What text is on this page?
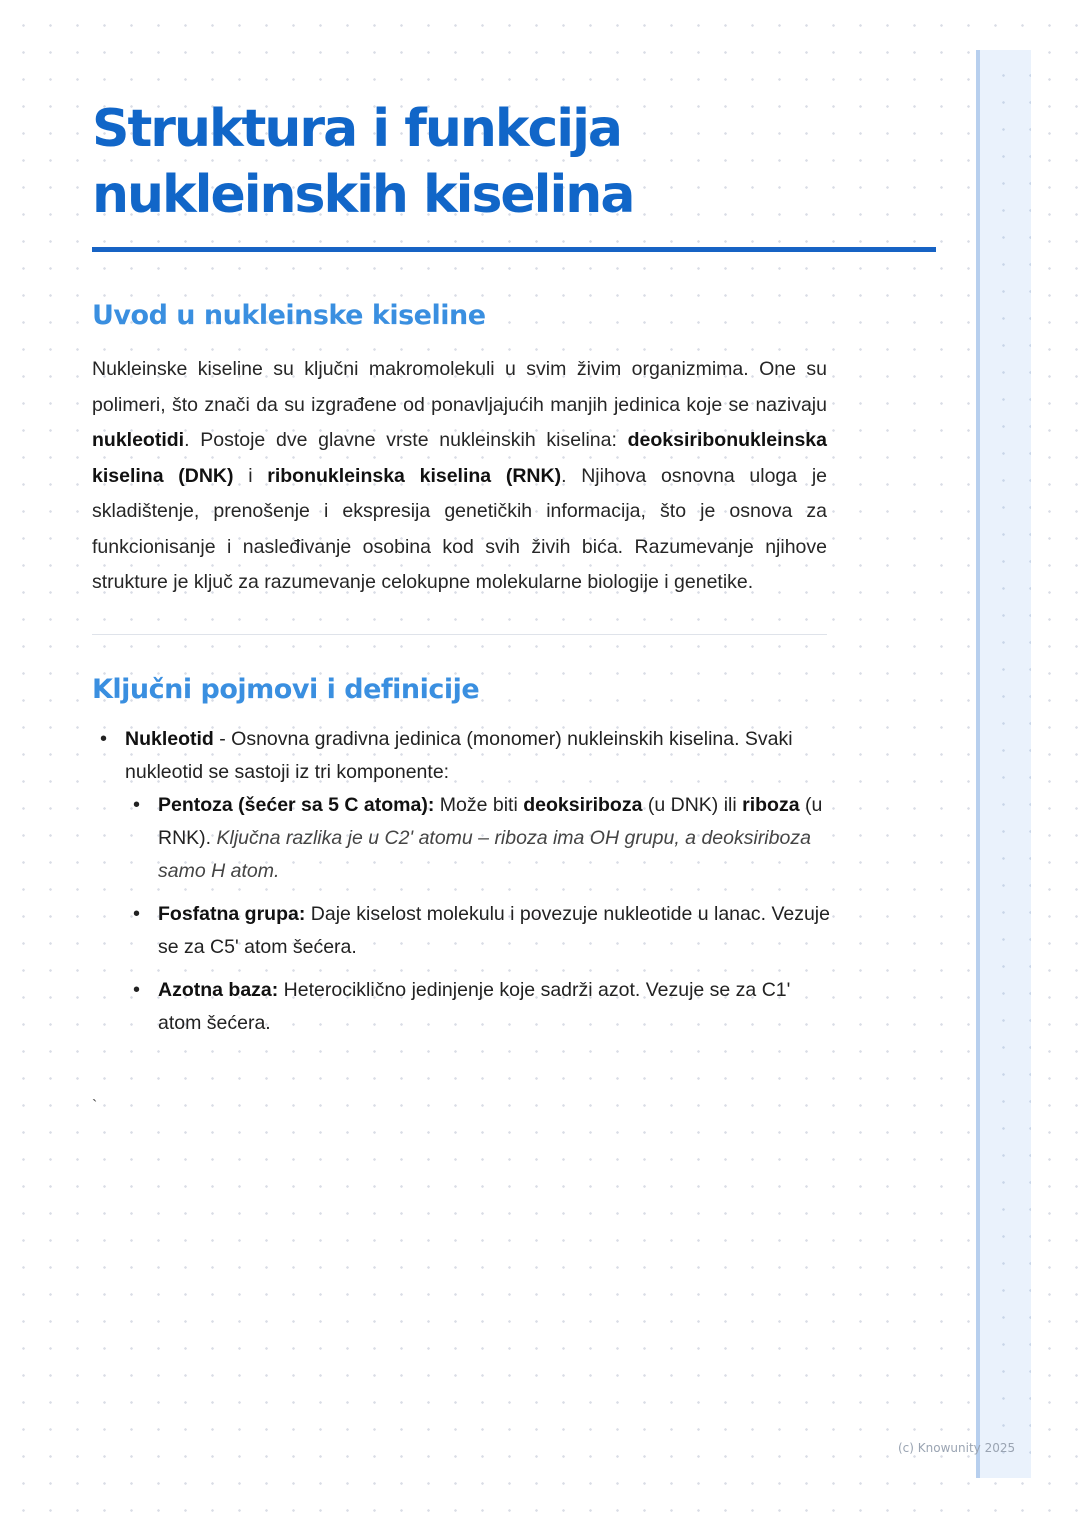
Struktura i funkcija nukleinskih kiselina
Uvod u nukleinske kiseline

Nukleinske kiseline su ključni makromolekuli u svim živim organizmima. One su polimeri, što znači da su izgrađene od ponavljajućih manjih jedinica koje se nazivaju nukleotidi. Postoje dve glavne vrste nukleinskih kiselina: deoksiribonukleinska kiselina (DNK) i ribonukleinska kiselina (RNK). Njihova osnovna uloga je skladištenje, prenošenje i ekspresija genetičkih informacija, što je osnova za funkcionisanje i nasleđivanje osobina kod svih živih bića. Razumevanje njihove strukture je ključ za razumevanje celokupne molekularne biologije i genetike.

Ključni pojmovi i definicije
• Nukleotid - Osnovna gradivna jedinica (monomer) nukleinskih kiselina. Svaki nukleotid se sastoji iz tri komponente:
• Pentoza (šećer sa 5 C atoma): Može biti deoksiriboza (u DNK) ili riboza (u RNK). Ključna razlika je u C2' atomu – riboza ima OH grupu, a deoksiriboza samo H atom.
• Fosfatna grupa: Daje kiselost molekulu i povezuje nukleotide u lanac. Vezuje se za C5' atom šećera.
• Azotna baza: Heterociklično jedinjenje koje sadrži azot. Vezuje se za C1' atom šećera.
`
(c) Knowunity 2025
